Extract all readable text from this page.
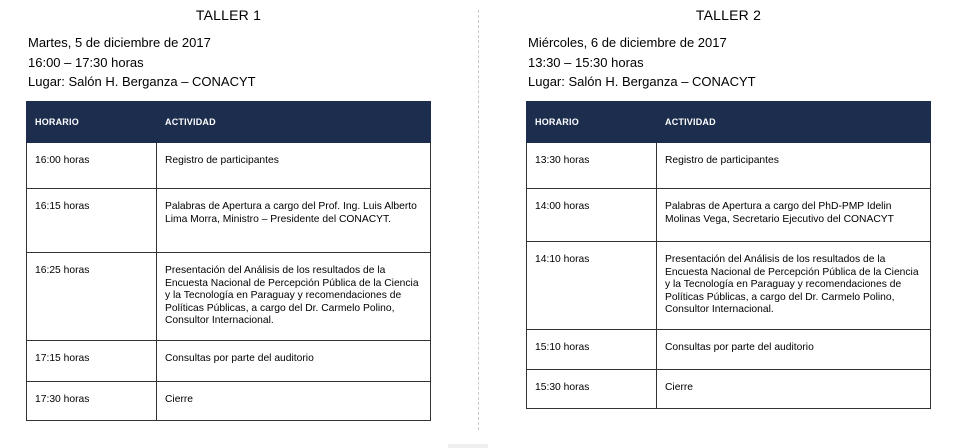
TALLER 1
Martes, 5 de diciembre de 2017
16:00 – 17:30 horas
Lugar: Salón H. Berganza – CONACYT
HORARIO	ACTIVIDAD
16:00 horas	Registro de participantes
16:15 horas	Palabras de Apertura a cargo del Prof. Ing. Luis Alberto Lima Morra, Ministro – Presidente del CONACYT.
16:25 horas	Presentación del Análisis de los resultados de la Encuesta Nacional de Percepción Pública de la Ciencia y la Tecnología en Paraguay y recomendaciones de Políticas Públicas, a cargo del Dr. Carmelo Polino, Consultor Internacional.
17:15 horas	Consultas por parte del auditorio
17:30 horas	Cierre
TALLER 2
Miércoles, 6 de diciembre de 2017
13:30 – 15:30 horas
Lugar: Salón H. Berganza – CONACYT
HORARIO	ACTIVIDAD
13:30 horas	Registro de participantes
14:00 horas	Palabras de Apertura a cargo del PhD-PMP Idelin Molinas Vega, Secretario Ejecutivo del CONACYT
14:10 horas	Presentación del Análisis de los resultados de la Encuesta Nacional de Percepción Pública de la Ciencia y la Tecnología en Paraguay y recomendaciones de Políticas Públicas, a cargo del Dr. Carmelo Polino, Consultor Internacional.
15:10 horas	Consultas por parte del auditorio
15:30 horas	Cierre
